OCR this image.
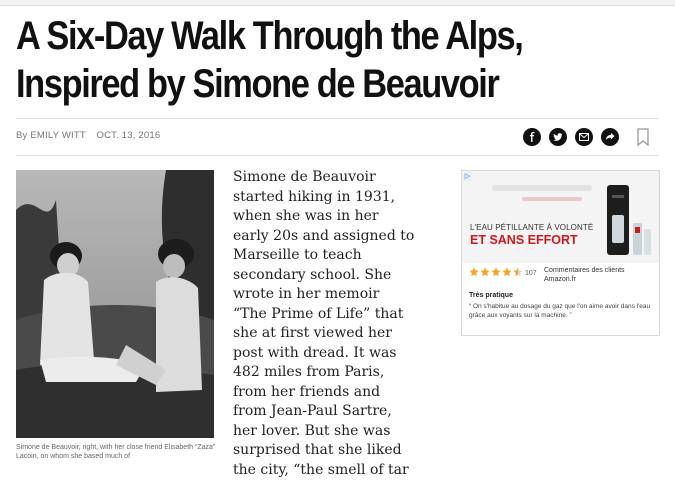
A Six-Day Walk Through the Alps,
Inspired by Simone de Beauvoir
By EMILY WITT OCT. 13, 2016
Simone de Beauvoir, right, with her close friend Elisabeth “Zaza” Lacoin, on whom she based much of
Simone de Beauvoir
started hiking in 1931,
when she was in her
early 20s and assigned to
Marseille to teach
secondary school. She
wrote in her memoir
“The Prime of Life” that
she at first viewed her
post with dread. It was
482 miles from Paris,
from her friends and
from Jean-Paul Sartre,
her lover. But she was
surprised that she liked
the city, “the smell of tar
▷
L'EAU PÉTILLANTE À VOLONTÉ
ET SANS EFFORT
107 Commentaires des clients
Amazon.fr
Très pratique
“ On s'habitue au dosage du gaz que l'on aime avoir dans l'eau grâce aux voyants sur la machine. ”
